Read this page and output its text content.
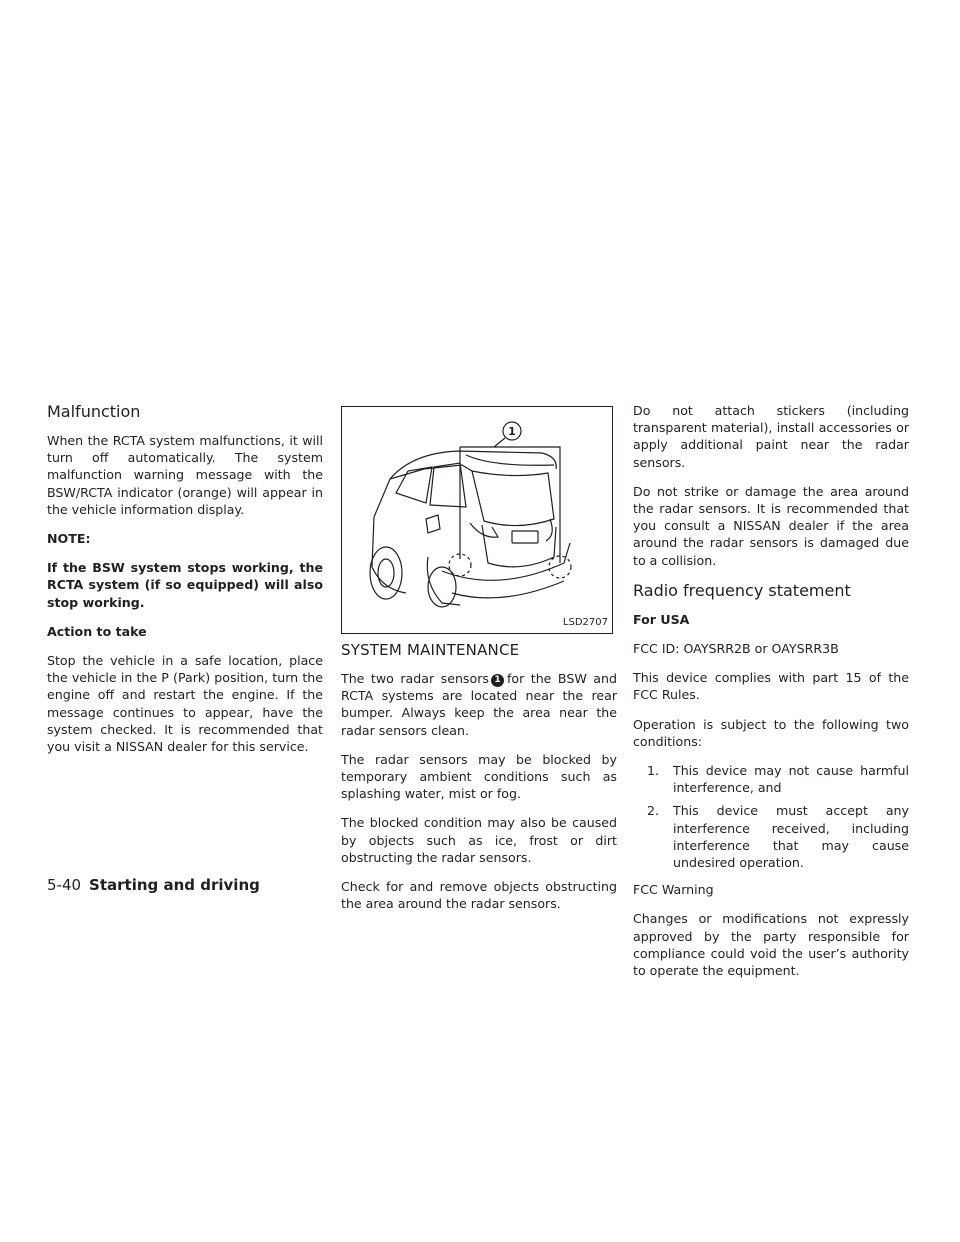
Malfunction

When the RCTA system malfunctions, it will turn off automatically. The system malfunction warning message with the BSW/RCTA indicator (orange) will appear in the vehicle information display.

NOTE:

If the BSW system stops working, the RCTA system (if so equipped) will also stop working.

Action to take

Stop the vehicle in a safe location, place the vehicle in the P (Park) position, turn the engine off and restart the engine. If the message continues to appear, have the system checked. It is recommended that you visit a NISSAN dealer for this service.

1
LSD2707
SYSTEM MAINTENANCE

The two radar sensors 1 for the BSW and RCTA systems are located near the rear bumper. Always keep the area near the radar sensors clean.

The radar sensors may be blocked by temporary ambient conditions such as splashing water, mist or fog.

The blocked condition may also be caused by objects such as ice, frost or dirt obstructing the radar sensors.

Check for and remove objects obstructing the area around the radar sensors.

Do not attach stickers (including transparent material), install accessories or apply additional paint near the radar sensors.

Do not strike or damage the area around the radar sensors. It is recommended that you consult a NISSAN dealer if the area around the radar sensors is damaged due to a collision.

Radio frequency statement

For USA

FCC ID: OAYSRR2B or OAYSRR3B

This device complies with part 15 of the FCC Rules.

Operation is subject to the following two conditions:

1. This device may not cause harmful interference, and
2. This device must accept any interference received, including interference that may cause undesired operation.

FCC Warning

Changes or modifications not expressly approved by the party responsible for compliance could void the user’s authority to operate the equipment.

5-40 Starting and driving
